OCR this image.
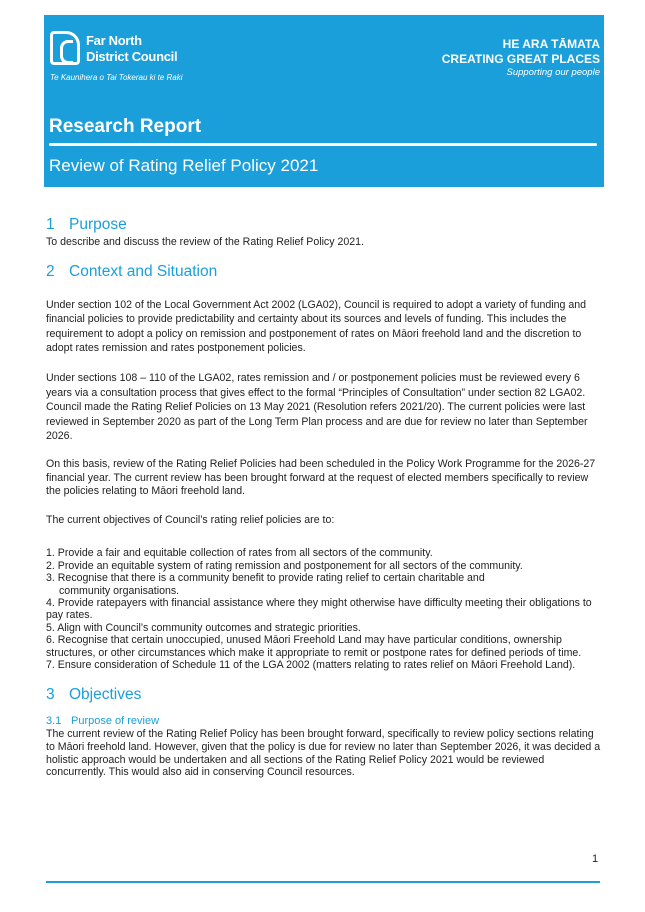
Far North
District Council
Te Kaunihera o Tai Tokerau ki te Raki
HE ARA TĀMATA
CREATING GREAT PLACES
Supporting our people
Research Report
Review of Rating Relief Policy 2021
1 Purpose

To describe and discuss the review of the Rating Relief Policy 2021.

2 Context and Situation

Under section 102 of the Local Government Act 2002 (LGA02), Council is required to adopt a variety of funding and financial policies to provide predictability and certainty about its sources and levels of funding. This includes the requirement to adopt a policy on remission and postponement of rates on Māori freehold land and the discretion to adopt rates remission and rates postponement policies.

Under sections 108 – 110 of the LGA02, rates remission and / or postponement policies must be reviewed every 6 years via a consultation process that gives effect to the formal “Principles of Consultation” under section 82 LGA02. Council made the Rating Relief Policies on 13 May 2021 (Resolution refers 2021/20). The current policies were last reviewed in September 2020 as part of the Long Term Plan process and are due for review no later than September 2026.

On this basis, review of the Rating Relief Policies had been scheduled in the Policy Work Programme for the 2026-27 financial year. The current review has been brought forward at the request of elected members specifically to review the policies relating to Māori freehold land.

The current objectives of Council’s rating relief policies are to:

1. Provide a fair and equitable collection of rates from all sectors of the community.
2. Provide an equitable system of rating remission and postponement for all sectors of the community.
3. Recognise that there is a community benefit to provide rating relief to certain charitable and
community organisations.
4. Provide ratepayers with financial assistance where they might otherwise have difficulty meeting their obligations to pay rates.
5. Align with Council’s community outcomes and strategic priorities.
6. Recognise that certain unoccupied, unused Māori Freehold Land may have particular conditions, ownership structures, or other circumstances which make it appropriate to remit or postpone rates for defined periods of time.
7. Ensure consideration of Schedule 11 of the LGA 2002 (matters relating to rates relief on Māori Freehold Land).
3 Objectives
3.1 Purpose of review

The current review of the Rating Relief Policy has been brought forward, specifically to review policy sections relating to Māori freehold land. However, given that the policy is due for review no later than September 2026, it was decided a holistic approach would be undertaken and all sections of the Rating Relief Policy 2021 would be reviewed concurrently. This would also aid in conserving Council resources.

1
